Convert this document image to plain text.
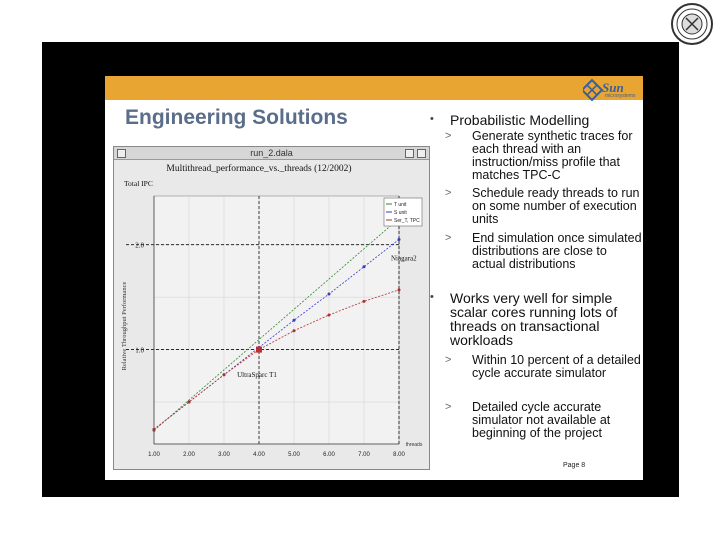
Sun
microsystems
Engineering Solutions
run_2.dala
Multithread_performance_vs._threads (12/2002)
1.00	2.00	3.00	4.00	5.00	6.00	7.00	8.00
1.0
2.0
Total IPC
Relative Throughput Performance
threads
Niagara2
UltraSparc T1
T unit
S unit
Ser_T, TPC
• Probabilistic Modelling
> Generate synthetic traces for each thread with an instruction/miss profile that matches TPC-C
> Schedule ready threads to run on some number of execution units
> End simulation once simulated distributions are close to actual distributions
• Works very well for simple scalar cores running lots of threads on transactional workloads
> Within 10 percent of a detailed cycle accurate simulator
> Detailed cycle accurate simulator not available at beginning of the project
Page 8
